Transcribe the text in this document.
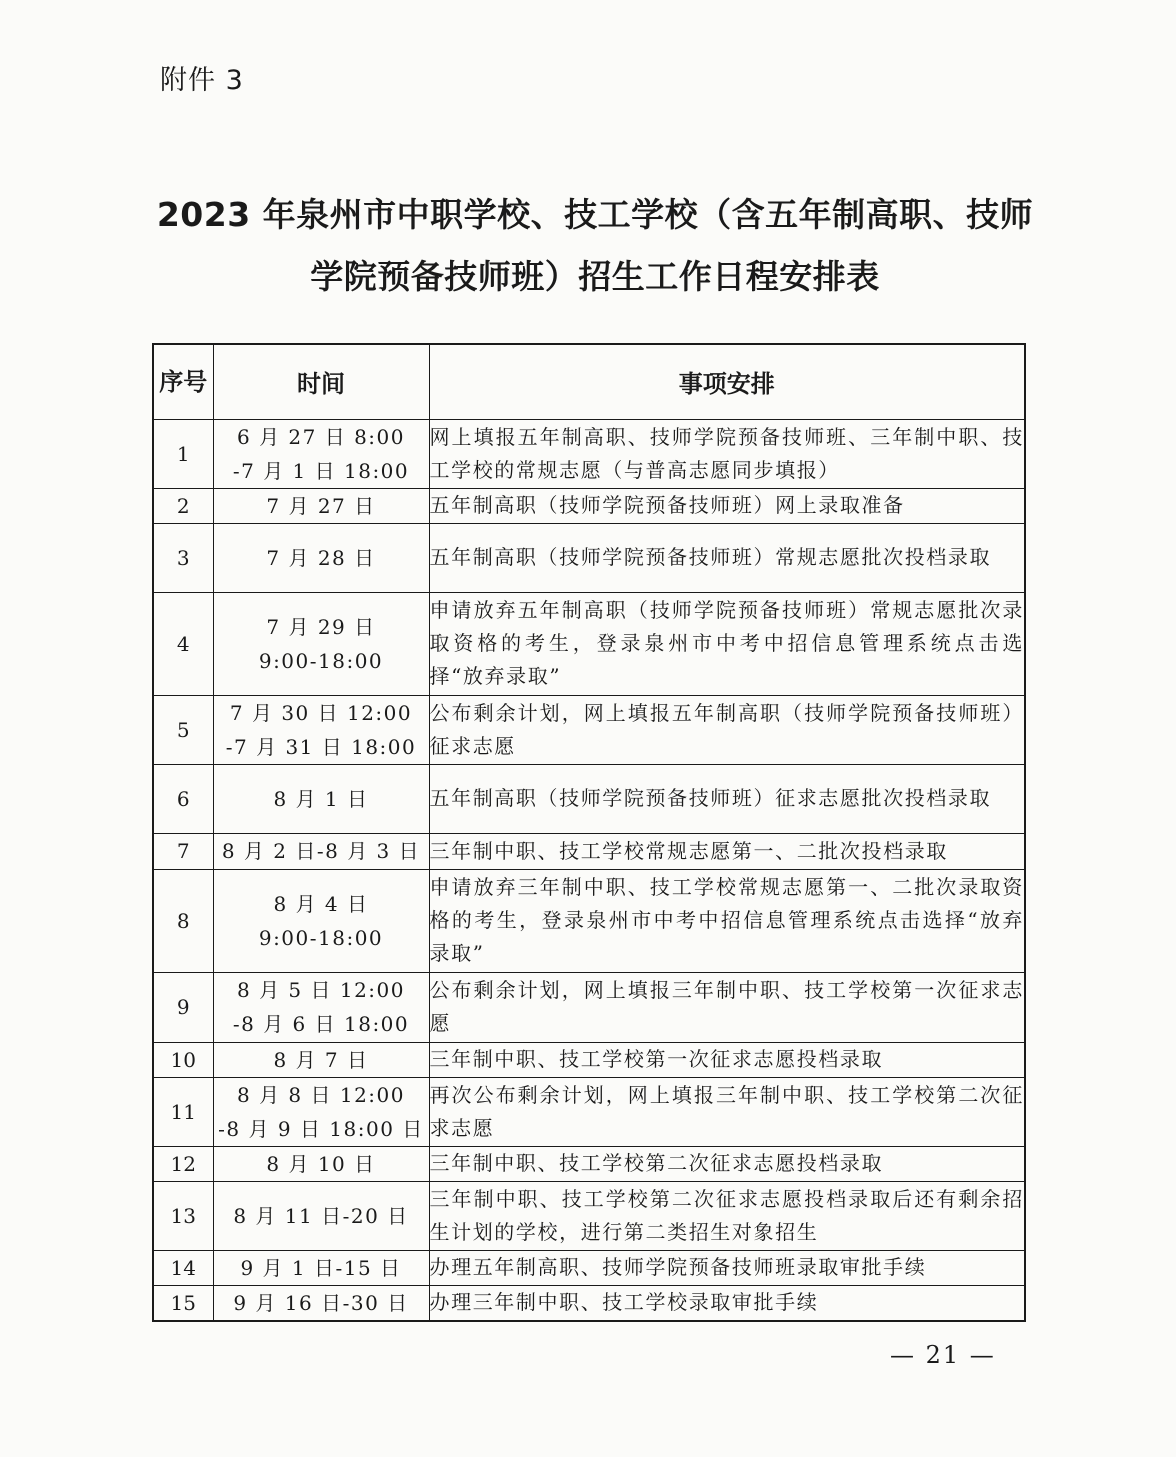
附件 3
2023 年泉州市中职学校、技工学校（含五年制高职、技师
学院预备技师班）招生工作日程安排表
序号	时间	事项安排
1	6 月 27 日 8:00
-7 月 1 日 18:00	网上填报五年制高职、技师学院预备技师班、三年制中职、技工学校的常规志愿（与普高志愿同步填报）
2	7 月 27 日	五年制高职（技师学院预备技师班）网上录取准备
3	7 月 28 日	五年制高职（技师学院预备技师班）常规志愿批次投档录取
4	7 月 29 日
9:00-18:00	申请放弃五年制高职（技师学院预备技师班）常规志愿批次录取资格的考生，登录泉州市中考中招信息管理系统点击选择“放弃录取”
5	7 月 30 日 12:00
-7 月 31 日 18:00	公布剩余计划，网上填报五年制高职（技师学院预备技师班）征求志愿
6	8 月 1 日	五年制高职（技师学院预备技师班）征求志愿批次投档录取
7	8 月 2 日-8 月 3 日	三年制中职、技工学校常规志愿第一、二批次投档录取
8	8 月 4 日
9:00-18:00	申请放弃三年制中职、技工学校常规志愿第一、二批次录取资格的考生，登录泉州市中考中招信息管理系统点击选择“放弃录取”
9	8 月 5 日 12:00
-8 月 6 日 18:00	公布剩余计划，网上填报三年制中职、技工学校第一次征求志愿
10	8 月 7 日	三年制中职、技工学校第一次征求志愿投档录取
11	8 月 8 日 12:00
-8 月 9 日 18:00 日	再次公布剩余计划，网上填报三年制中职、技工学校第二次征求志愿
12	8 月 10 日	三年制中职、技工学校第二次征求志愿投档录取
13	8 月 11 日-20 日	三年制中职、技工学校第二次征求志愿投档录取后还有剩余招生计划的学校，进行第二类招生对象招生
14	9 月 1 日-15 日	办理五年制高职、技师学院预备技师班录取审批手续
15	9 月 16 日-30 日	办理三年制中职、技工学校录取审批手续
— 21 —
